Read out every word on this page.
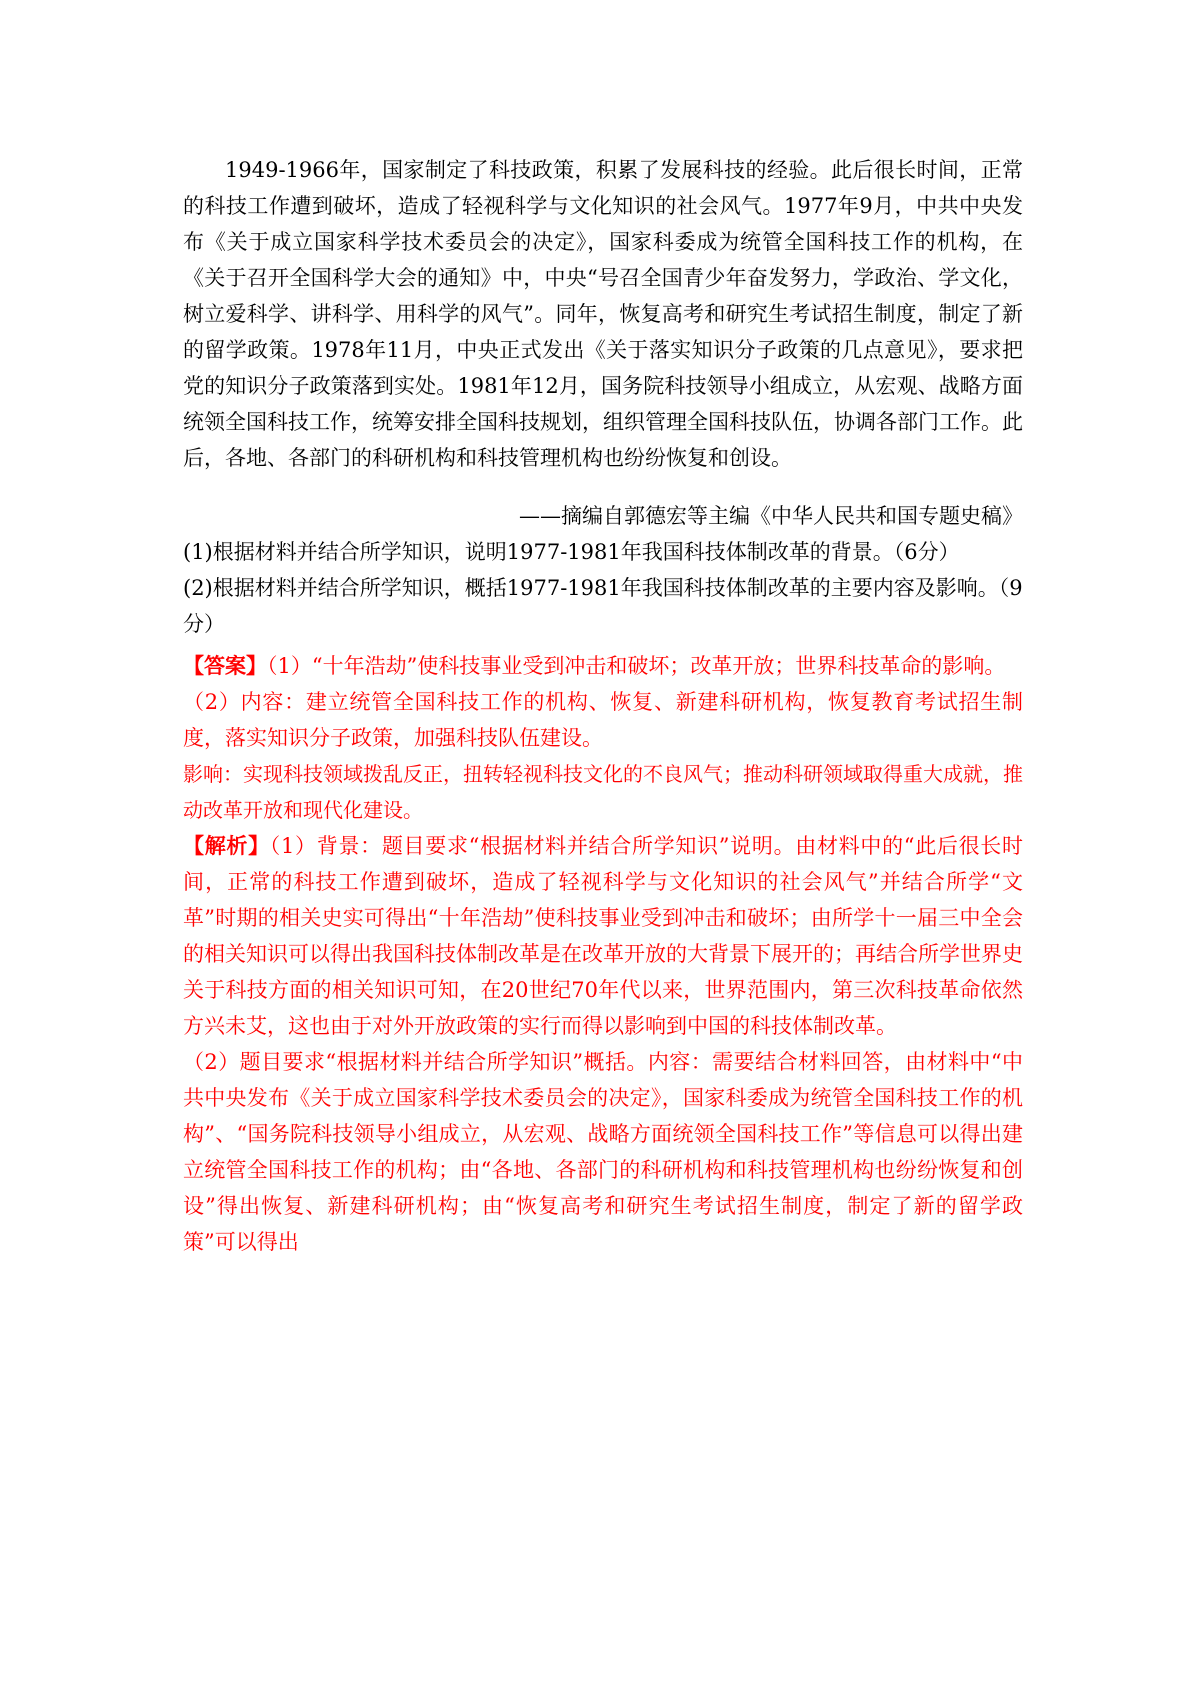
1949-1966年，国家制定了科技政策，积累了发展科技的经验。此后很长时间，正常的科技工作遭到破坏，造成了轻视科学与文化知识的社会风气。1977年9月，中共中央发布《关于成立国家科学技术委员会的决定》，国家科委成为统管全国科技工作的机构，在《关于召开全国科学大会的通知》中，中央“号召全国青少年奋发努力，学政治、学文化，树立爱科学、讲科学、用科学的风气”。同年，恢复高考和研究生考试招生制度，制定了新的留学政策。1978年11月，中央正式发出《关于落实知识分子政策的几点意见》，要求把党的知识分子政策落到实处。1981年12月，国务院科技领导小组成立，从宏观、战略方面统领全国科技工作，统筹安排全国科技规划，组织管理全国科技队伍，协调各部门工作。此后，各地、各部门的科研机构和科技管理机构也纷纷恢复和创设。

——摘编自郭德宏等主编《中华人民共和国专题史稿》

(1)根据材料并结合所学知识，说明1977-1981年我国科技体制改革的背景。（6分）

(2)根据材料并结合所学知识，概括1977-1981年我国科技体制改革的主要内容及影响。（9分）

【答案】（1）“十年浩劫”使科技事业受到冲击和破坏；改革开放；世界科技革命的影响。

（2）内容：建立统管全国科技工作的机构、恢复、新建科研机构，恢复教育考试招生制度，落实知识分子政策，加强科技队伍建设。

影响：实现科技领域拨乱反正，扭转轻视科技文化的不良风气；推动科研领域取得重大成就，推动改革开放和现代化建设。

【解析】（1）背景：题目要求“根据材料并结合所学知识”说明。由材料中的“此后很长时间，正常的科技工作遭到破坏，造成了轻视科学与文化知识的社会风气”并结合所学“文革”时期的相关史实可得出“十年浩劫”使科技事业受到冲击和破坏；由所学十一届三中全会的相关知识可以得出我国科技体制改革是在改革开放的大背景下展开的；再结合所学世界史关于科技方面的相关知识可知，在20世纪70年代以来，世界范围内，第三次科技革命依然方兴未艾，这也由于对外开放政策的实行而得以影响到中国的科技体制改革。

（2）题目要求“根据材料并结合所学知识”概括。内容：需要结合材料回答，由材料中“中共中央发布《关于成立国家科学技术委员会的决定》，国家科委成为统管全国科技工作的机构”、“国务院科技领导小组成立，从宏观、战略方面统领全国科技工作”等信息可以得出建立统管全国科技工作的机构；由“各地、各部门的科研机构和科技管理机构也纷纷恢复和创设”得出恢复、新建科研机构；由“恢复高考和研究生考试招生制度，制定了新的留学政策”可以得出
